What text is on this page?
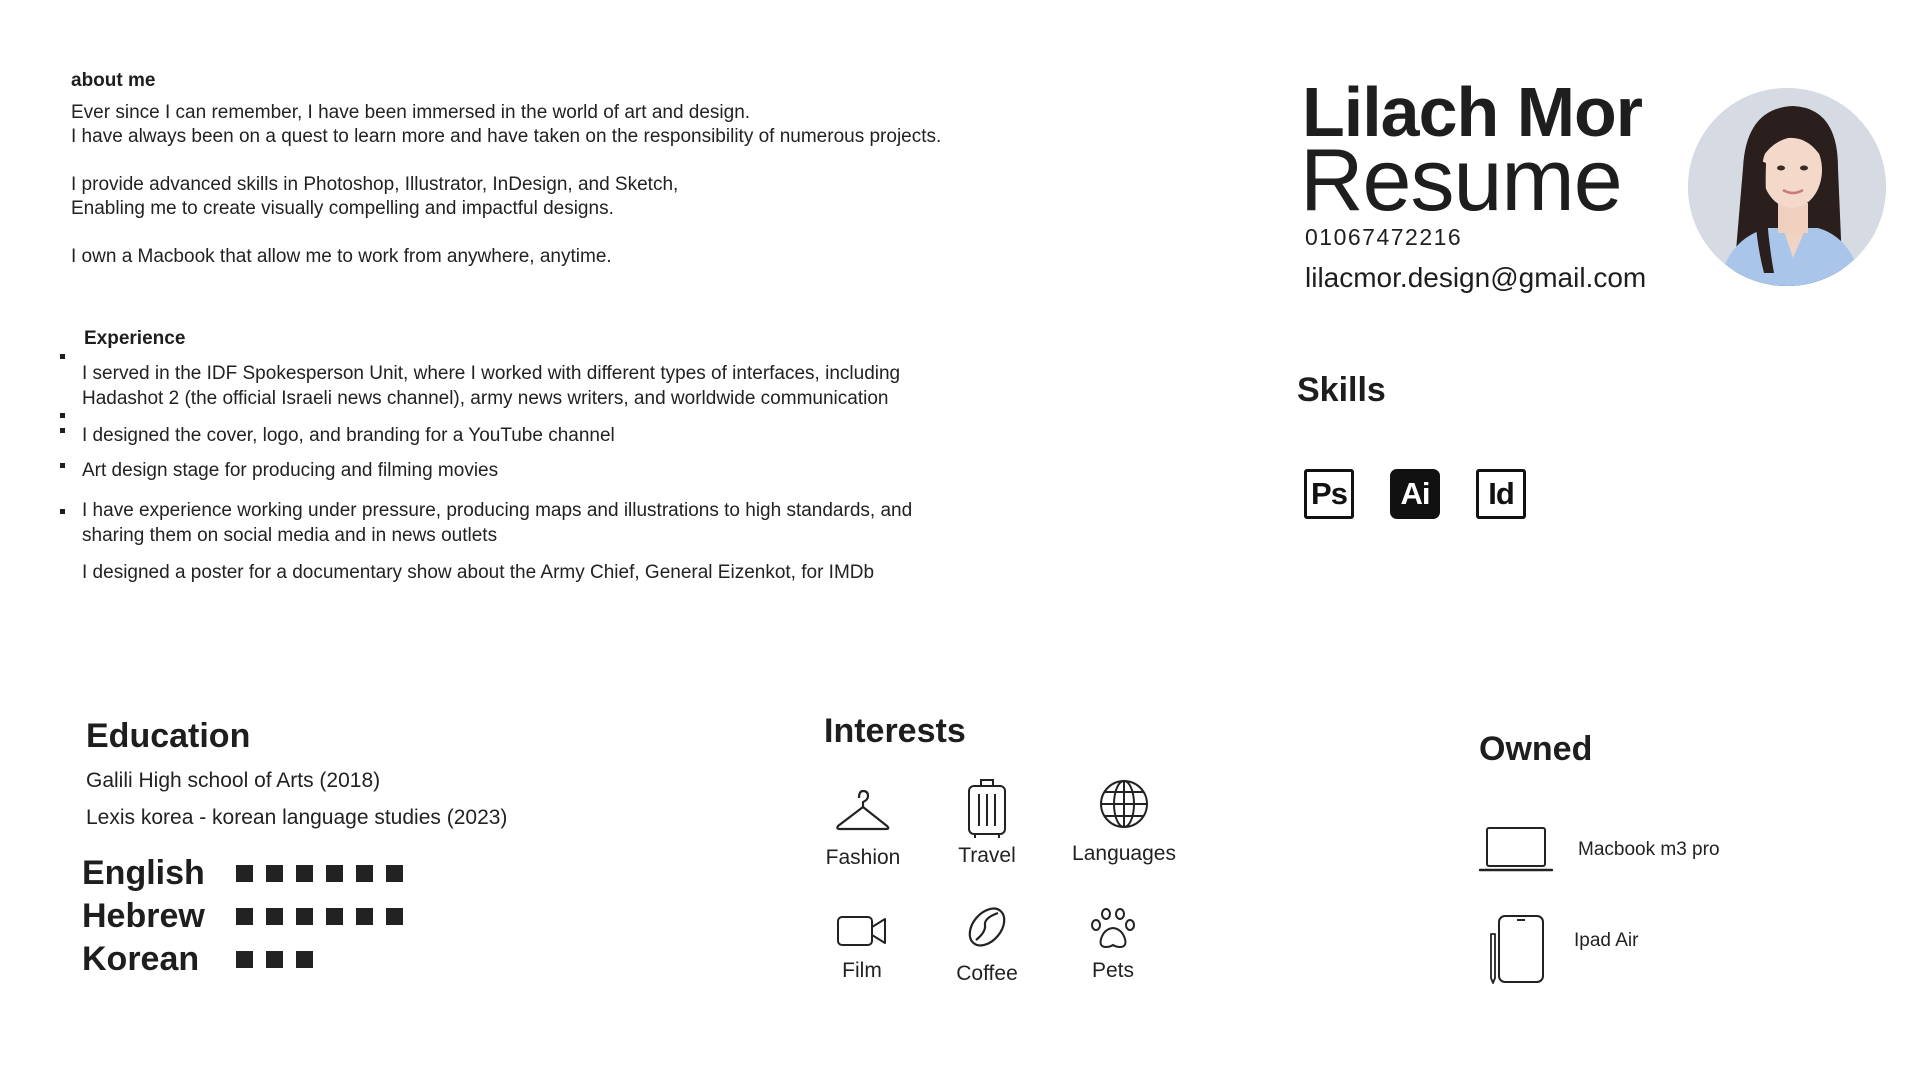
about me
Ever since I can remember, I have been immersed in the world of art and design.
I have always been on a quest to learn more and have taken on the responsibility of numerous projects.
I provide advanced skills in Photoshop, Illustrator, InDesign, and Sketch,
Enabling me to create visually compelling and impactful designs.
I own a Macbook that allow me to work from anywhere, anytime.
Experience
I served in the IDF Spokesperson Unit, where I worked with different types of interfaces, including
Hadashot 2 (the official Israeli news channel), army news writers, and worldwide communication
I designed the cover, logo, and branding for a YouTube channel
Art design stage for producing and filming movies
I have experience working under pressure, producing maps and illustrations to high standards, and
sharing them on social media and in news outlets
I designed a poster for a documentary show about the Army Chief, General Eizenkot, for IMDb
Lilach Mor
Resume
01067472216
lilacmor.design@gmail.com
Skills
Ps	Ai	Id
Education
Galili High school of Arts (2018)
Lexis korea - korean language studies (2023)
English
Hebrew
Korean
Interests
Fashion	Travel	Languages
Film	Coffee	Pets
Owned
Macbook m3 pro
Ipad Air
